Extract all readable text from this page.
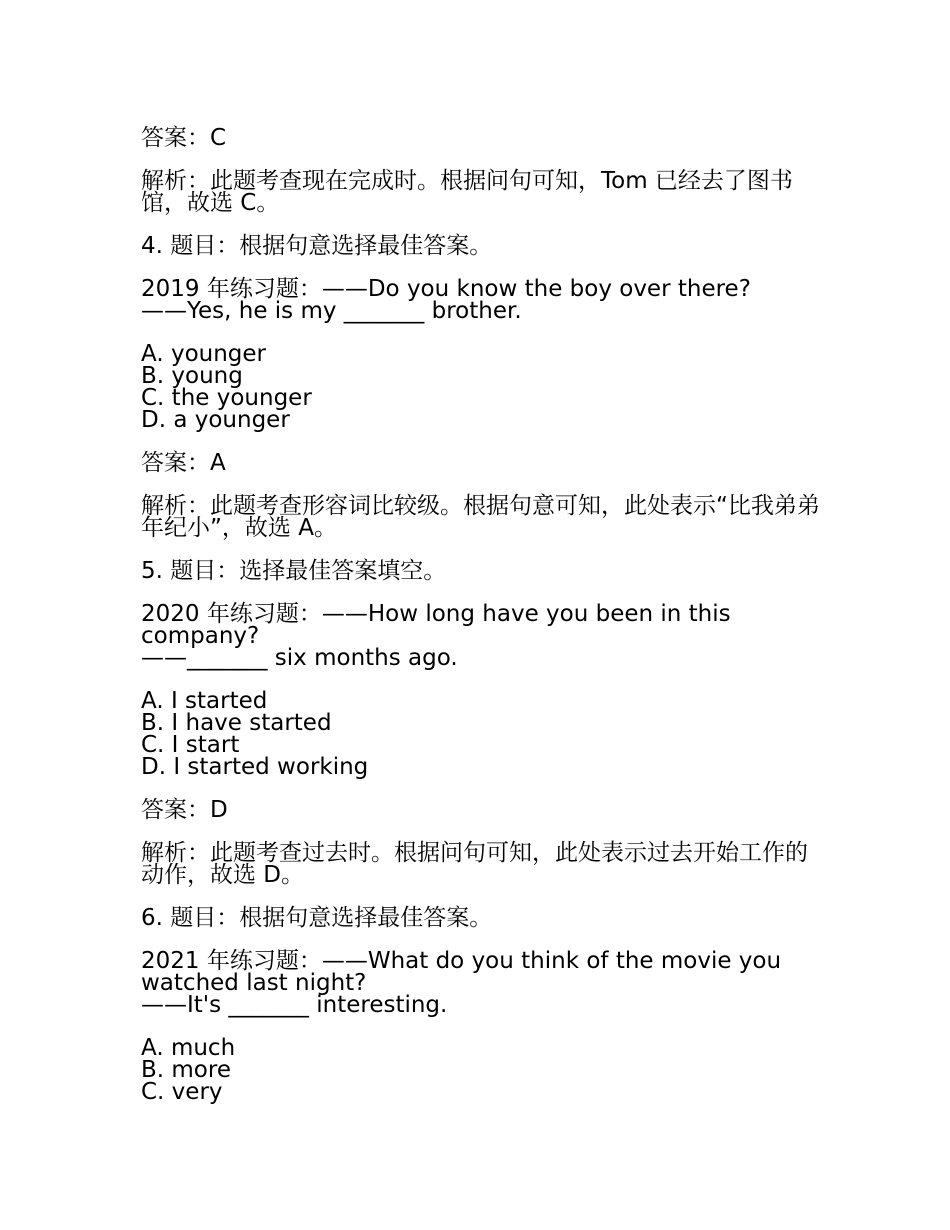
答案：C
解析：此题考查现在完成时。根据问句可知，Tom 已经去了图书馆，故选 C。
4. 题目：根据句意选择最佳答案。
2019 年练习题：——Do you know the boy over there?
——Yes, he is my _______ brother.
A. younger
B. young
C. the younger
D. a younger
答案：A
解析：此题考查形容词比较级。根据句意可知，此处表示“比我弟弟年纪小”，故选 A。
5. 题目：选择最佳答案填空。
2020 年练习题：——How long have you been in this company?
——_______ six months ago.
A. I started
B. I have started
C. I start
D. I started working
答案：D
解析：此题考查过去时。根据问句可知，此处表示过去开始工作的动作，故选 D。
6. 题目：根据句意选择最佳答案。
2021 年练习题：——What do you think of the movie you watched last night?
——It's _______ interesting.
A. much
B. more
C. very
